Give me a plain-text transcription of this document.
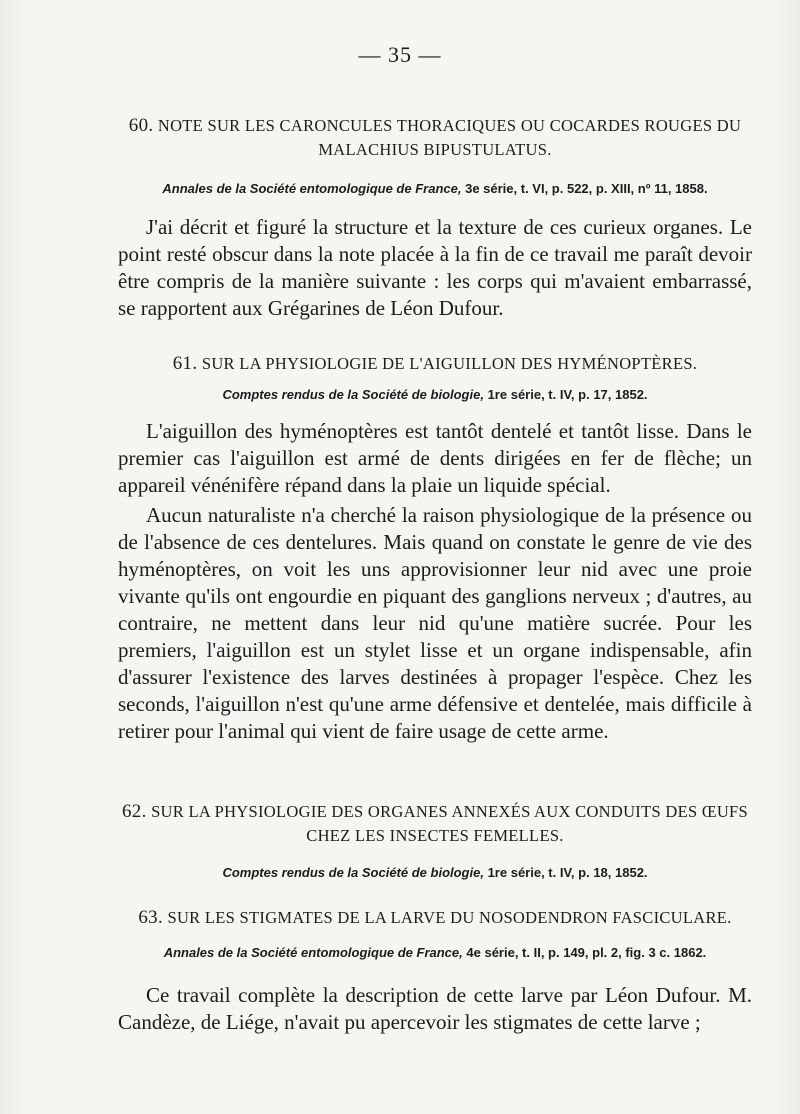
— 35 —
60. NOTE SUR LES CARONCULES THORACIQUES OU COCARDES ROUGES DU
MALACHIUS BIPUSTULATUS.
Annales de la Société entomologique de France, 3e série, t. VI, p. 522, p. XIII, nº 11, 1858.

J'ai décrit et figuré la structure et la texture de ces curieux organes. Le point resté obscur dans la note placée à la fin de ce travail me paraît devoir être compris de la manière suivante : les corps qui m'avaient embarrassé, se rapportent aux Grégarines de Léon Dufour.

61. SUR LA PHYSIOLOGIE DE L'AIGUILLON DES HYMÉNOPTÈRES.
Comptes rendus de la Société de biologie, 1re série, t. IV, p. 17, 1852.

L'aiguillon des hyménoptères est tantôt dentelé et tantôt lisse. Dans le premier cas l'aiguillon est armé de dents dirigées en fer de flèche; un appareil vénénifère répand dans la plaie un liquide spécial.

Aucun naturaliste n'a cherché la raison physiologique de la présence ou de l'absence de ces dentelures. Mais quand on constate le genre de vie des hyménoptères, on voit les uns approvisionner leur nid avec une proie vivante qu'ils ont engourdie en piquant des ganglions nerveux ; d'autres, au contraire, ne mettent dans leur nid qu'une matière sucrée. Pour les premiers, l'aiguillon est un stylet lisse et un organe indispensable, afin d'assurer l'existence des larves destinées à propager l'espèce. Chez les seconds, l'aiguillon n'est qu'une arme défensive et dentelée, mais difficile à retirer pour l'animal qui vient de faire usage de cette arme.

62. SUR LA PHYSIOLOGIE DES ORGANES ANNEXÉS AUX CONDUITS DES ŒUFS
CHEZ LES INSECTES FEMELLES.
Comptes rendus de la Société de biologie, 1re série, t. IV, p. 18, 1852.
63. SUR LES STIGMATES DE LA LARVE DU NOSODENDRON FASCICULARE.
Annales de la Société entomologique de France, 4e série, t. II, p. 149, pl. 2, fig. 3 c. 1862.

Ce travail complète la description de cette larve par Léon Dufour. M. Candèze, de Liége, n'avait pu apercevoir les stigmates de cette larve ;
